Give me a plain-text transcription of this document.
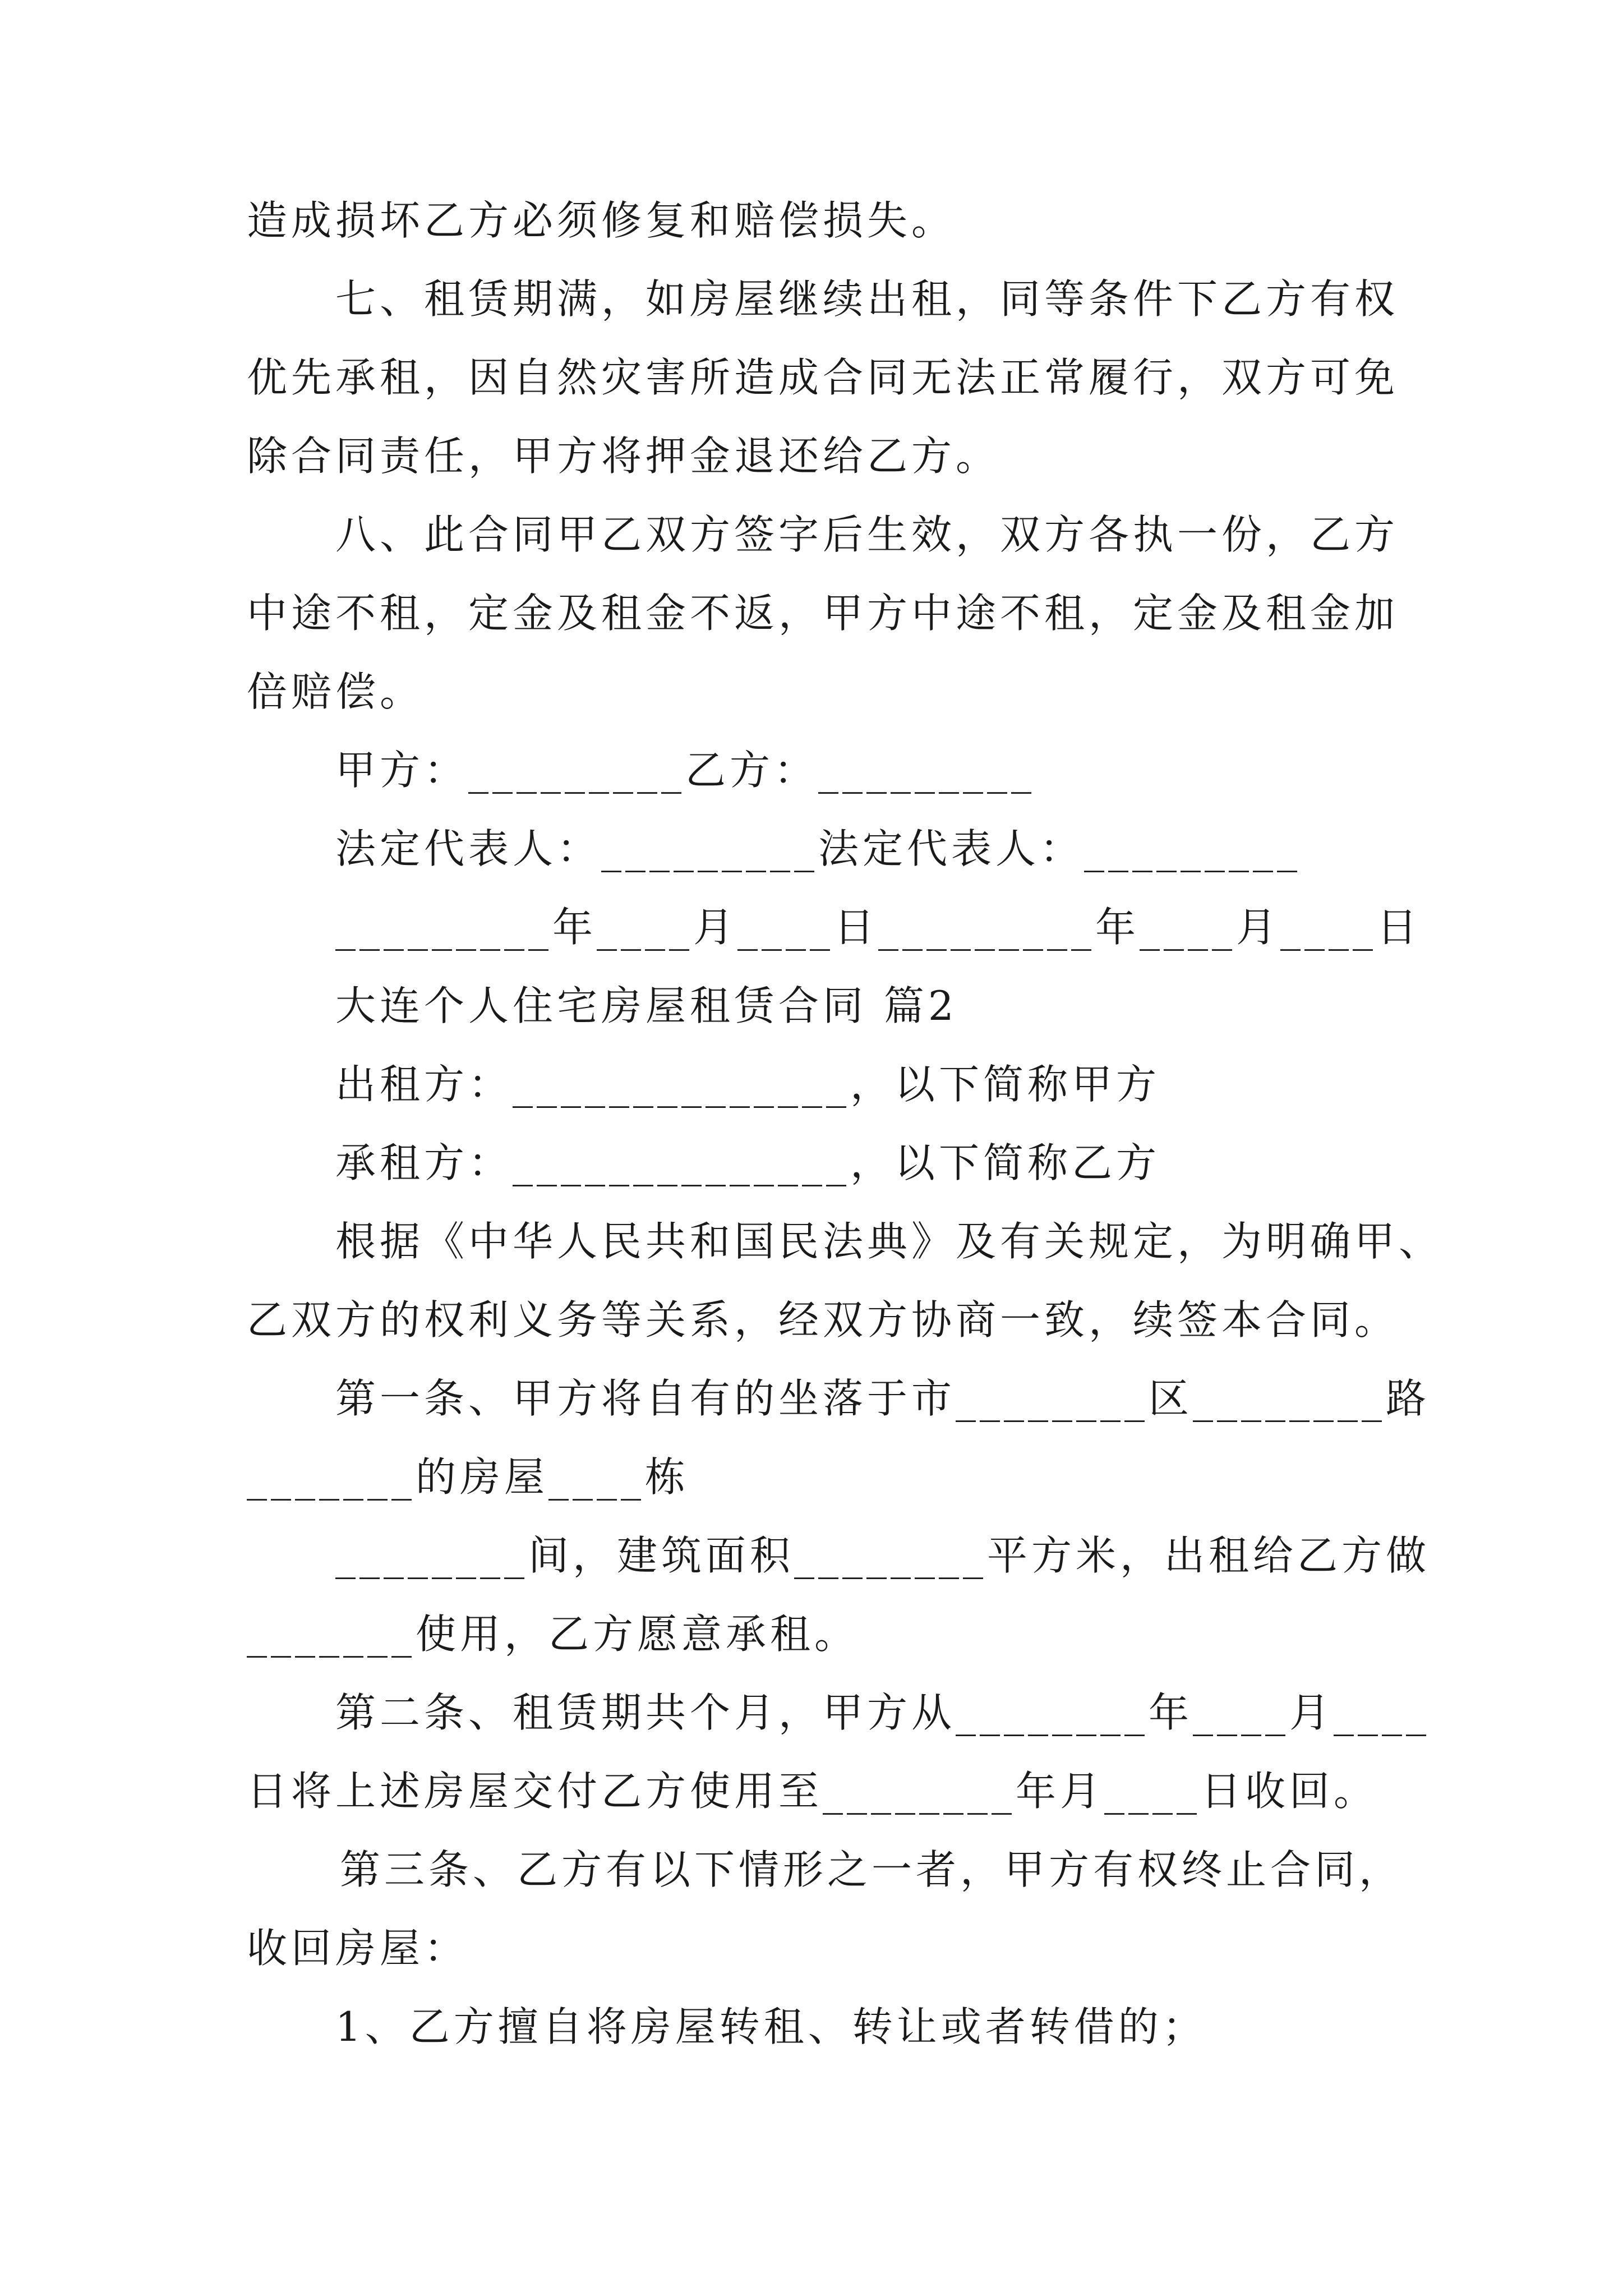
造成损坏乙方必须修复和赔偿损失。
七、租赁期满，如房屋继续出租，同等条件下乙方有权
优先承租，因自然灾害所造成合同无法正常履行，双方可免
除合同责任，甲方将押金退还给乙方。
八、此合同甲乙双方签字后生效，双方各执一份，乙方
中途不租，定金及租金不返，甲方中途不租，定金及租金加
倍赔偿。
甲方：_________乙方：_________
法定代表人：_________法定代表人：_________
_________年____月____日_________年____月____日
大连个人住宅房屋租赁合同 篇2
出租方：______________，以下简称甲方
承租方：______________，以下简称乙方
根据《中华人民共和国民法典》及有关规定，为明确甲、
乙双方的权利义务等关系，经双方协商一致，续签本合同。
第一条、甲方将自有的坐落于市________区________路
_______的房屋____栋
________间，建筑面积________平方米，出租给乙方做
_______使用，乙方愿意承租。
第二条、租赁期共个月，甲方从________年____月____
日将上述房屋交付乙方使用至________年月____日收回。
第三条、乙方有以下情形之一者，甲方有权终止合同，
收回房屋：
1、乙方擅自将房屋转租、转让或者转借的；
